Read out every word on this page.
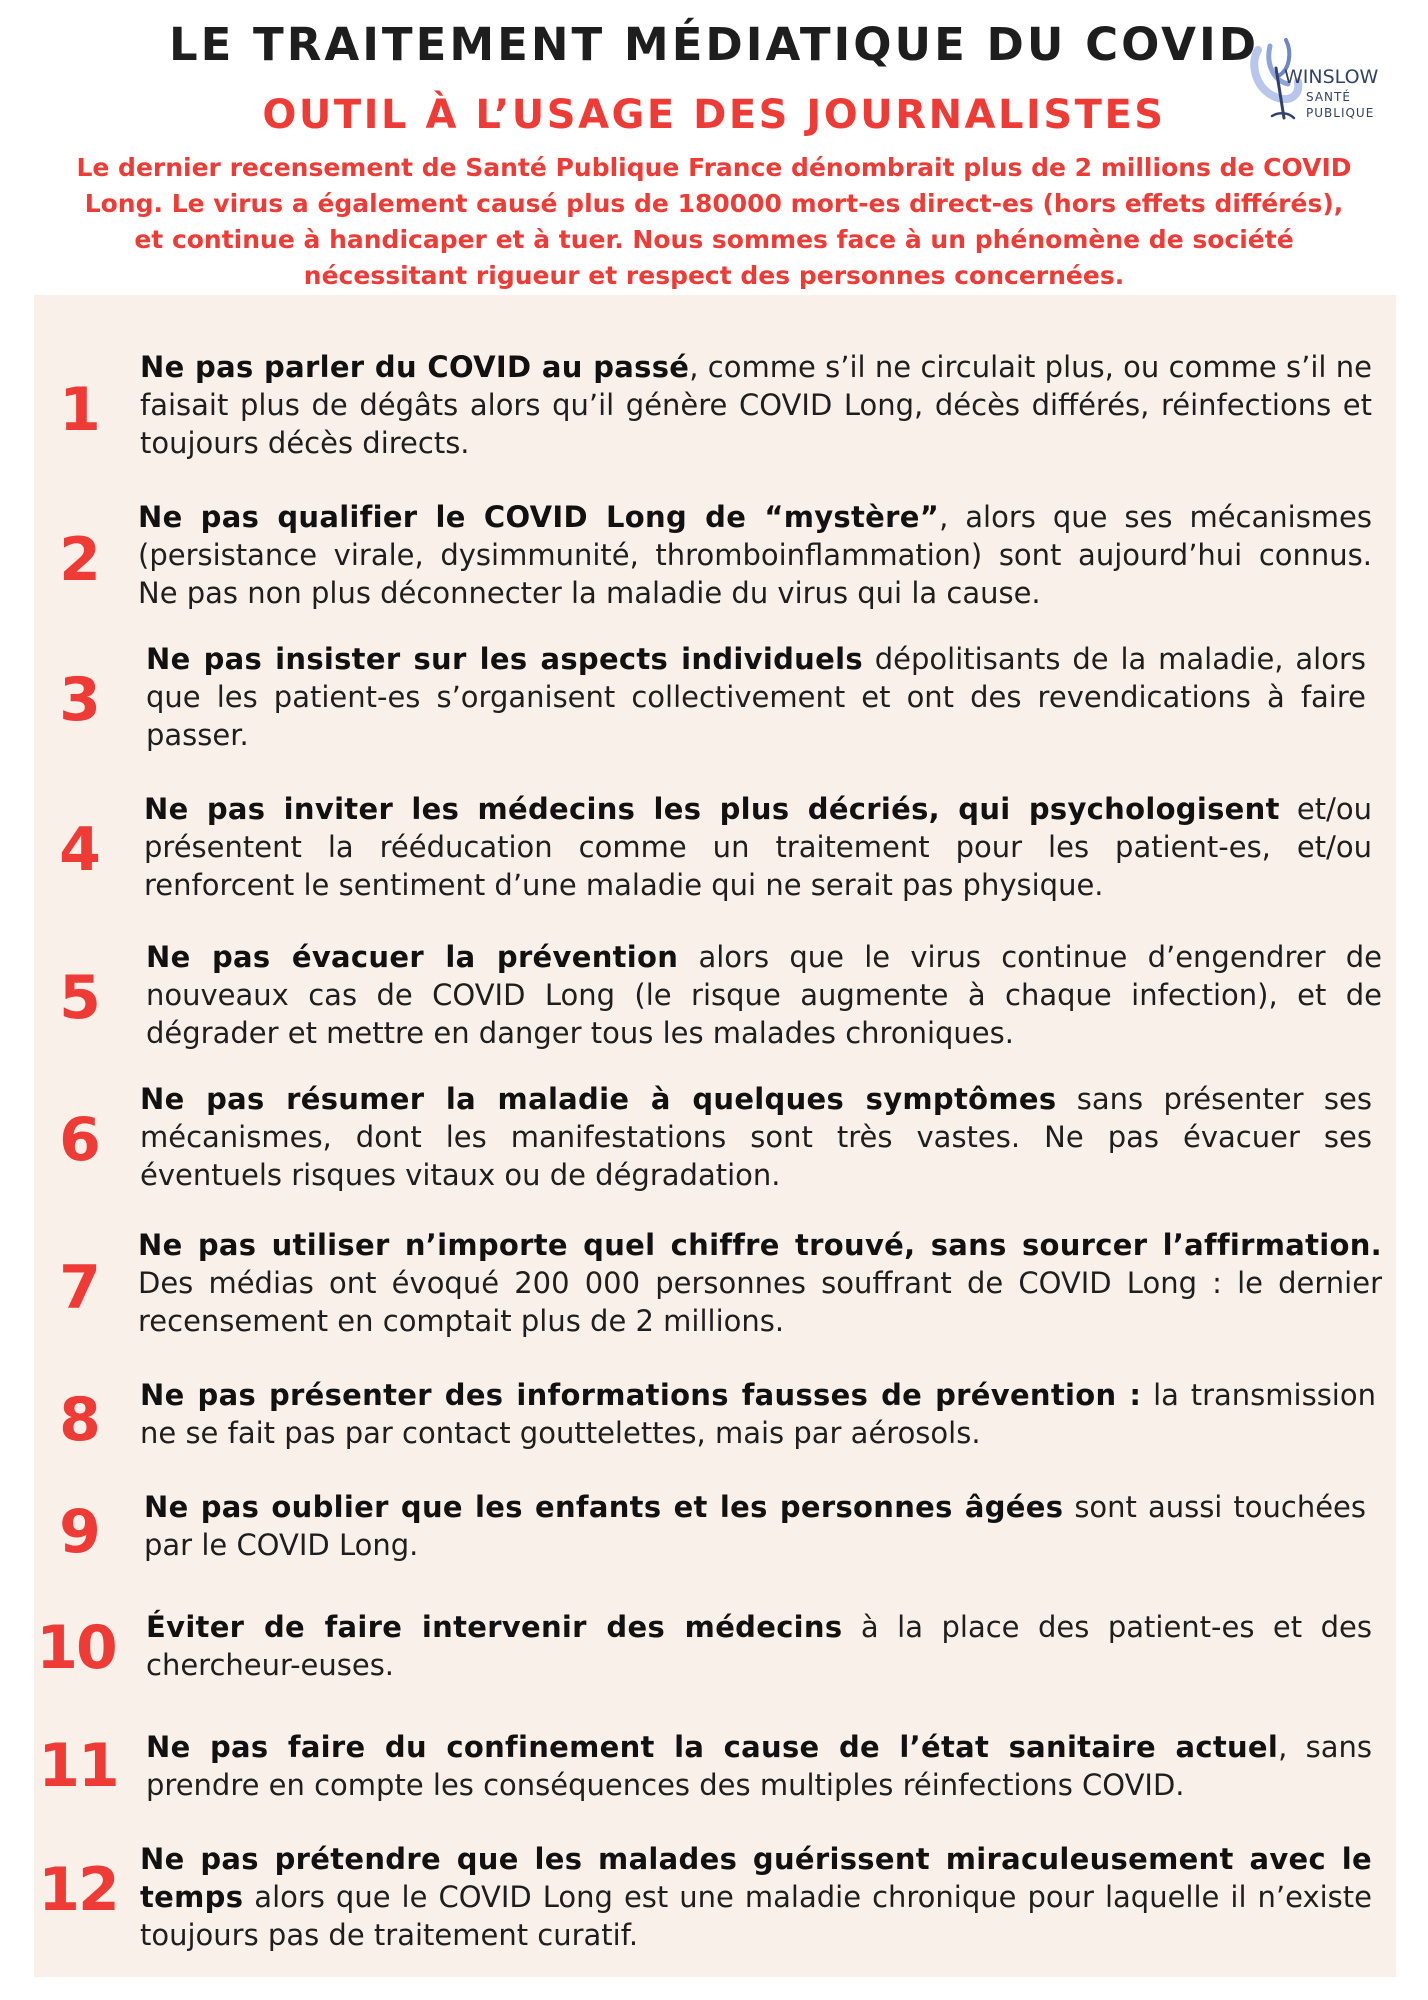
LE TRAITEMENT MÉDIATIQUE DU COVID
OUTIL À L’USAGE DES JOURNALISTES

Le dernier recensement de Santé Publique France dénombrait plus de 2 millions de COVID Long. Le virus a également causé plus de 180000 mort-es direct-es (hors effets différés), et continue à handicaper et à tuer. Nous sommes face à un phénomène de société nécessitant rigueur et respect des personnes concernées.

WINSLOW
SANTÉ
PUBLIQUE
1
Ne pas parler du COVID au passé, comme s’il ne circulait plus, ou comme s’il ne faisait plus de dégâts alors qu’il génère COVID Long, décès différés, réinfections et toujours décès directs.
2
Ne pas qualifier le COVID Long de “mystère”, alors que ses mécanismes (persistance virale, dysimmunité, thromboinflammation) sont aujourd’hui connus. Ne pas non plus déconnecter la maladie du virus qui la cause.
3
Ne pas insister sur les aspects individuels dépolitisants de la maladie, alors que les patient-es s’organisent collectivement et ont des revendications à faire passer.
4
Ne pas inviter les médecins les plus décriés, qui psychologisent et/ou présentent la rééducation comme un traitement pour les patient-es, et/ou renforcent le sentiment d’une maladie qui ne serait pas physique.
5
Ne pas évacuer la prévention alors que le virus continue d’engendrer de nouveaux cas de COVID Long (le risque augmente à chaque infection), et de dégrader et mettre en danger tous les malades chroniques.
6
Ne pas résumer la maladie à quelques symptômes sans présenter ses mécanismes, dont les manifestations sont très vastes. Ne pas évacuer ses éventuels risques vitaux ou de dégradation.
7
Ne pas utiliser n’importe quel chiffre trouvé, sans sourcer l’affirmation. Des médias ont évoqué 200 000 personnes souffrant de COVID Long : le dernier recensement en comptait plus de 2 millions.
8	Ne pas présenter des informations fausses de prévention : la transmission ne se fait pas par contact gouttelettes, mais par aérosols.
9	Ne pas oublier que les enfants et les personnes âgées sont aussi touchées par le COVID Long.
10	Éviter de faire intervenir des médecins à la place des patient-es et des chercheur-euses.
11 Ne pas faire du confinement la cause de l’état sanitaire actuel, sans prendre en compte les conséquences des multiples réinfections COVID.
12 Ne pas prétendre que les malades guérissent miraculeusement avec le temps alors que le COVID Long est une maladie chronique pour laquelle il n’existe toujours pas de traitement curatif.
